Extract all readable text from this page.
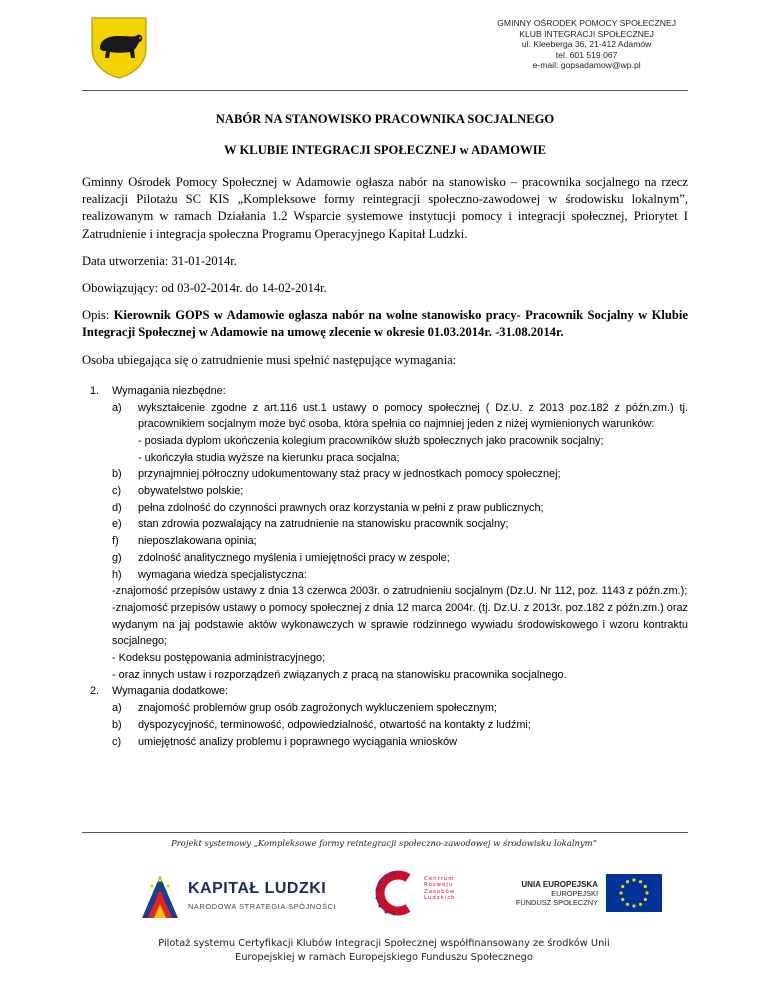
GMINNY OŚRODEK POMOCY SPOŁECZNEJ
KLUB INTEGRACJI SPOŁECZNEJ
ul. Kleeberga 36, 21-412 Adamów
tel. 601 519 067
e-mail: gopsadamow@wp.pl

NABÓR NA STANOWISKO PRACOWNIKA SOCJALNEGO

W KLUBIE INTEGRACJI SPOŁECZNEJ w ADAMOWIE

Gminny Ośrodek Pomocy Społecznej w Adamowie ogłasza nabór na stanowisko – pracownika socjalnego na rzecz realizacji Pilotażu SC KIS „Kompleksowe formy reintegracji społeczno-zawodowej w środowisku lokalnym”, realizowanym w ramach Działania 1.2 Wsparcie systemowe instytucji pomocy i integracji społecznej, Priorytet I Zatrudnienie i integracja społeczna Programu Operacyjnego Kapitał Ludzki.

Data utworzenia: 31-01-2014r.

Obowiązujący: od 03-02-2014r. do 14-02-2014r.

Opis: Kierownik GOPS w Adamowie ogłasza nabór na wolne stanowisko pracy- Pracownik Socjalny w Klubie Integracji Społecznej w Adamowie na umowę zlecenie w okresie 01.03.2014r. -31.08.2014r.

Osoba ubiegająca się o zatrudnienie musi spełnić następujące wymagania:

1. Wymagania niezbędne:
a) wykształcenie zgodne z art.116 ust.1 ustawy o pomocy społecznej ( Dz.U. z 2013 poz.182 z późn.zm.) tj. pracownikiem socjalnym może być osoba, która spełnia co najmniej jeden z niżej wymienionych warunków:
- posiada dyplom ukończenia kolegium pracowników służb społecznych jako pracownik socjalny;
- ukończyła studia wyższe na kierunku praca socjalna;
b) przynajmniej półroczny udokumentowany staż pracy w jednostkach pomocy społecznej;
c) obywatelstwo polskie;
d) pełna zdolność do czynności prawnych oraz korzystania w pełni z praw publicznych;
e) stan zdrowia pozwalający na zatrudnienie na stanowisku pracownik socjalny;
f) nieposzlakowana opinia;
g) zdolność analitycznego myślenia i umiejętności pracy w zespole;
h) wymagana wiedza specjalistyczna:
-znajomość przepisów ustawy z dnia 13 czerwca 2003r. o zatrudnieniu socjalnym (Dz.U. Nr 112, poz. 1143 z późn.zm.);
-znajomość przepisów ustawy o pomocy społecznej z dnia 12 marca 2004r. (tj. Dz.U. z 2013r. poz.182 z późn.zm.) oraz wydanym na jaj podstawie aktów wykonawczych w sprawie rodzinnego wywiadu środowiskowego i wzoru kontraktu socjalnego;
- Kodeksu postępowania administracyjnego;
- oraz innych ustaw i rozporządzeń związanych z pracą na stanowisku pracownika socjalnego.
2. Wymagania dodatkowe:
a) znajomość problemów grup osób zagrożonych wykluczeniem społecznym;
b) dyspozycyjność, terminowość, odpowiedzialność, otwartość na kontakty z ludźmi;
c) umiejętność analizy problemu i poprawnego wyciągania wniosków
Projekt systemowy „Kompleksowe formy reintegracji społeczno-zawodowej w środowisku lokalnym”
KAPITAŁ LUDZKI
NARODOWA STRATEGIA SPÓJNOŚCI
Centrum
Rozwoju
Zasobów
Ludzkich
UNIA EUROPEJSKA
EUROPEJSKI
FUNDUSZ SPOŁECZNY
Pilotaż systemu Certyfikacji Klubów Integracji Społecznej współfinansowany ze środków Unii
Europejskiej w ramach Europejskiego Funduszu Społecznego
